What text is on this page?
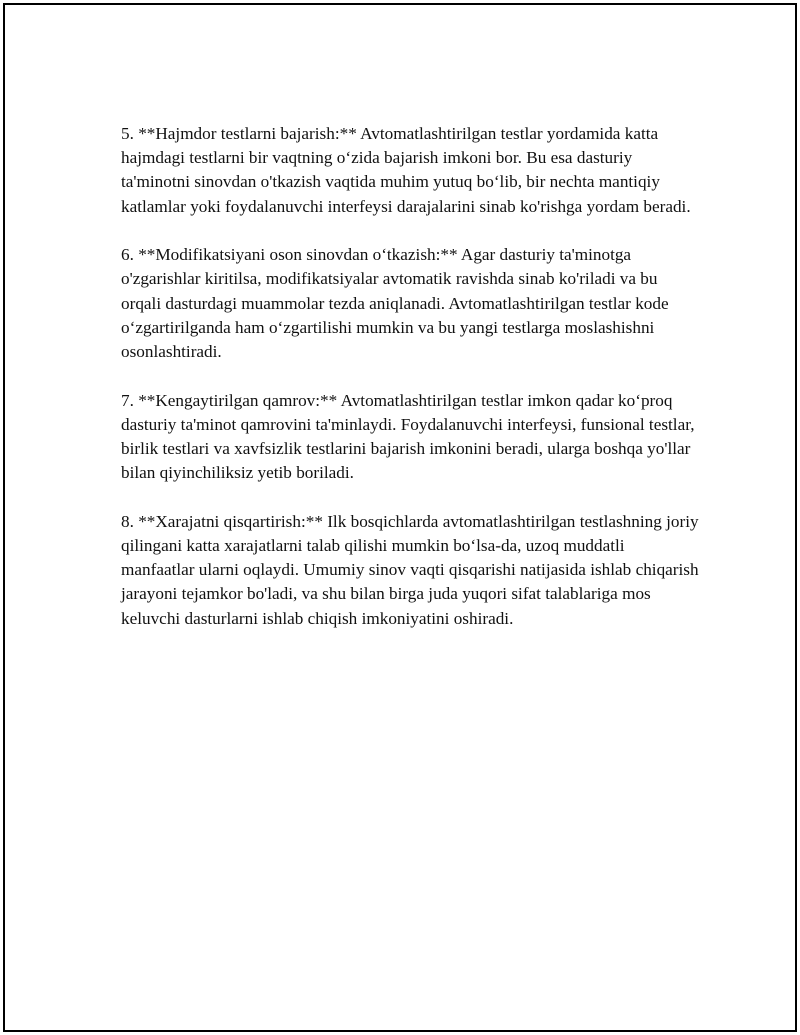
5. **Hajmdor testlarni bajarish:** Avtomatlashtirilgan testlar yordamida katta hajmdagi testlarni bir vaqtning o‘zida bajarish imkoni bor. Bu esa dasturiy ta'minotni sinovdan o'tkazish vaqtida muhim yutuq bo‘lib, bir nechta mantiqiy katlamlar yoki foydalanuvchi interfeysi darajalarini sinab ko'rishga yordam beradi.

6. **Modifikatsiyani oson sinovdan o‘tkazish:** Agar dasturiy ta'minotga o'zgarishlar kiritilsa, modifikatsiyalar avtomatik ravishda sinab ko'riladi va bu orqali dasturdagi muammolar tezda aniqlanadi. Avtomatlashtirilgan testlar kode o‘zgartirilganda ham o‘zgartilishi mumkin va bu yangi testlarga moslashishni osonlashtiradi.

7. **Kengaytirilgan qamrov:** Avtomatlashtirilgan testlar imkon qadar ko‘proq dasturiy ta'minot qamrovini ta'minlaydi. Foydalanuvchi interfeysi, funsional testlar, birlik testlari va xavfsizlik testlarini bajarish imkonini beradi, ularga boshqa yo'llar bilan qiyinchiliksiz yetib boriladi.

8. **Xarajatni qisqartirish:** Ilk bosqichlarda avtomatlashtirilgan testlashning joriy qilingani katta xarajatlarni talab qilishi mumkin bo‘lsa-da, uzoq muddatli manfaatlar ularni oqlaydi. Umumiy sinov vaqti qisqarishi natijasida ishlab chiqarish jarayoni tejamkor bo'ladi, va shu bilan birga juda yuqori sifat talablariga mos keluvchi dasturlarni ishlab chiqish imkoniyatini oshiradi.
